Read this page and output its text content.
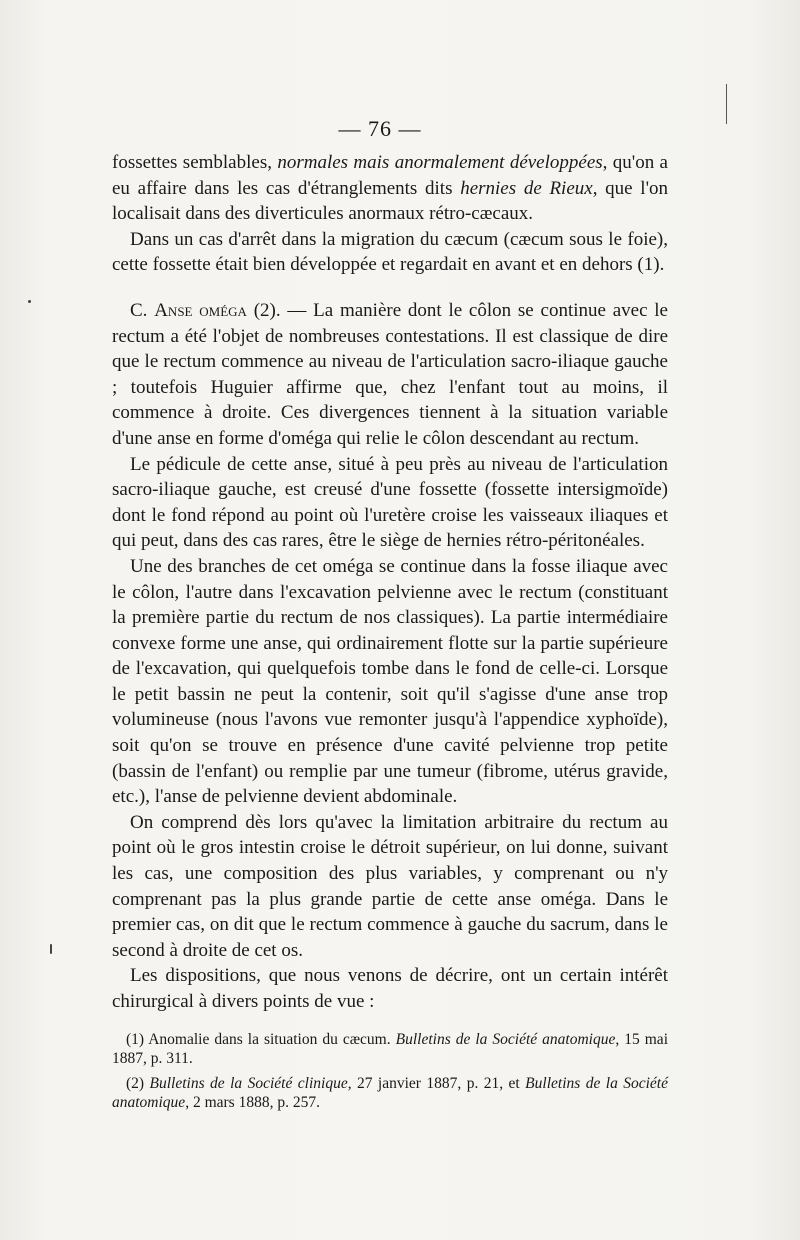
— 76 —

fossettes semblables, normales mais anormalement développées, qu'on a eu affaire dans les cas d'étranglements dits hernies de Rieux, que l'on localisait dans des diverticules anormaux rétro-cæcaux.

Dans un cas d'arrêt dans la migration du cæcum (cæcum sous le foie), cette fossette était bien développée et regardait en avant et en dehors (1).

C. Anse oméga (2). — La manière dont le côlon se continue avec le rectum a été l'objet de nombreuses contestations. Il est classique de dire que le rectum commence au niveau de l'articulation sacro-iliaque gauche ; toutefois Huguier affirme que, chez l'enfant tout au moins, il commence à droite. Ces divergences tiennent à la situation variable d'une anse en forme d'oméga qui relie le côlon descendant au rectum.

Le pédicule de cette anse, situé à peu près au niveau de l'articulation sacro-iliaque gauche, est creusé d'une fossette (fossette intersigmoïde) dont le fond répond au point où l'uretère croise les vaisseaux iliaques et qui peut, dans des cas rares, être le siège de hernies rétro-péritonéales.

Une des branches de cet oméga se continue dans la fosse iliaque avec le côlon, l'autre dans l'excavation pelvienne avec le rectum (constituant la première partie du rectum de nos classiques). La partie intermédiaire convexe forme une anse, qui ordinairement flotte sur la partie supérieure de l'excavation, qui quelquefois tombe dans le fond de celle-ci. Lorsque le petit bassin ne peut la contenir, soit qu'il s'agisse d'une anse trop volumineuse (nous l'avons vue remonter jusqu'à l'appendice xyphoïde), soit qu'on se trouve en présence d'une cavité pelvienne trop petite (bassin de l'enfant) ou remplie par une tumeur (fibrome, utérus gravide, etc.), l'anse de pelvienne devient abdominale.

On comprend dès lors qu'avec la limitation arbitraire du rectum au point où le gros intestin croise le détroit supérieur, on lui donne, suivant les cas, une composition des plus variables, y comprenant ou n'y comprenant pas la plus grande partie de cette anse oméga. Dans le premier cas, on dit que le rectum commence à gauche du sacrum, dans le second à droite de cet os.

Les dispositions, que nous venons de décrire, ont un certain intérêt chirurgical à divers points de vue :

(1) Anomalie dans la situation du cæcum. Bulletins de la Société anatomique, 15 mai 1887, p. 311.

(2) Bulletins de la Société clinique, 27 janvier 1887, p. 21, et Bulletins de la Société anatomique, 2 mars 1888, p. 257.
